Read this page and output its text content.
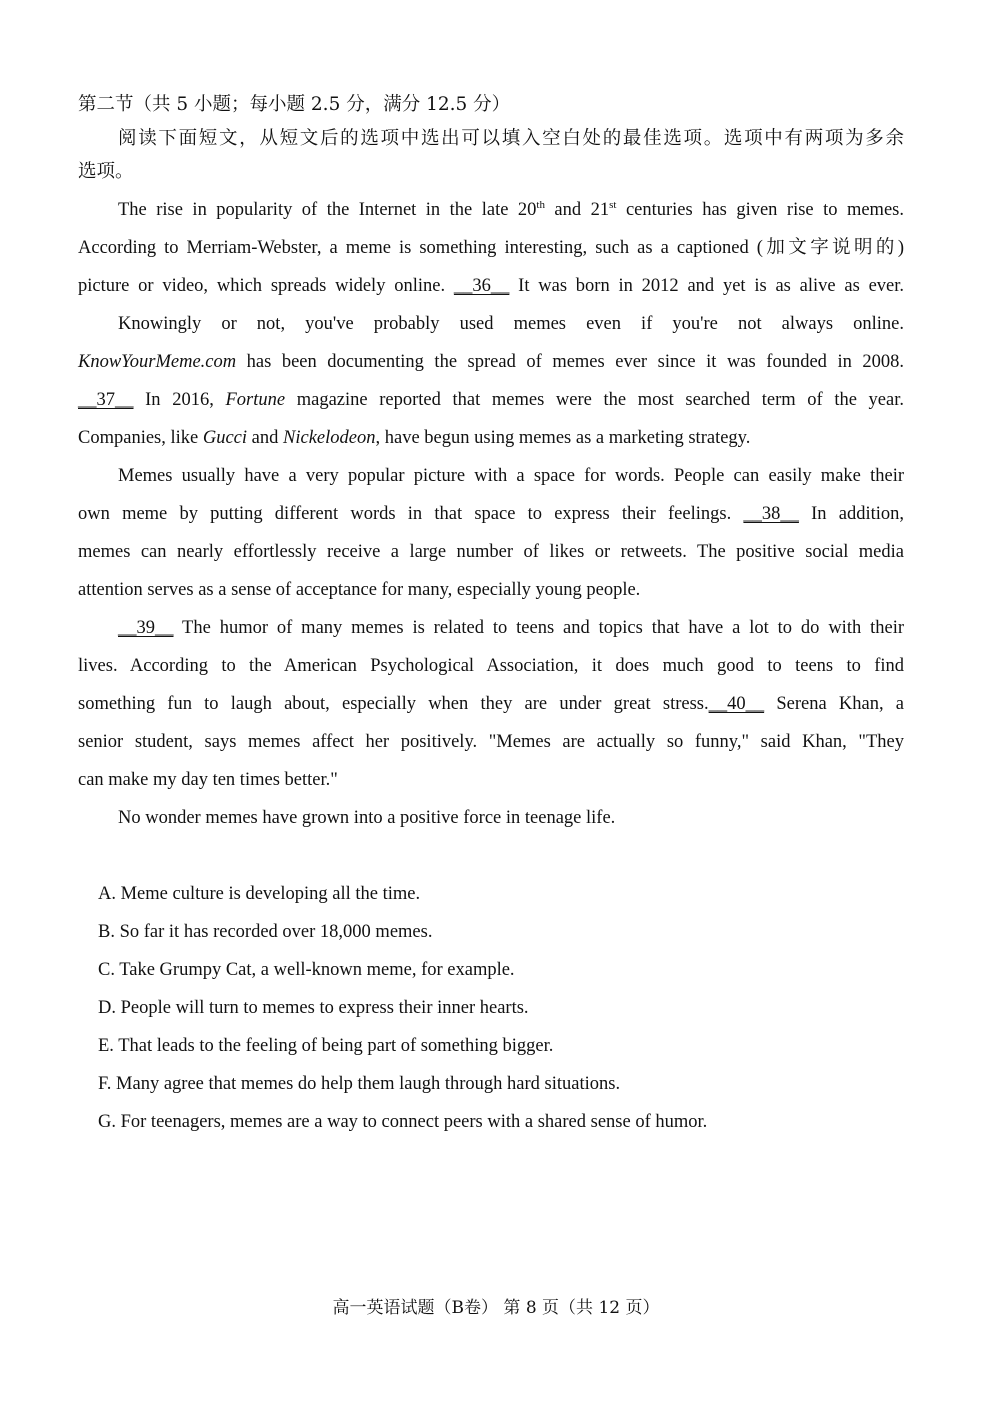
第二节（共 5 小题；每小题 2.5 分，满分 12.5 分）
阅读下面短文，从短文后的选项中选出可以填入空白处的最佳选项。选项中有两项为多余
选项。
The rise in popularity of the Internet in the late 20th and 21st centuries has given rise to memes.
According to Merriam-Webster, a meme is something interesting, such as a captioned (加文字说明的)
picture or video, which spreads widely online. __36__ It was born in 2012 and yet is as alive as ever.
Knowingly or not, you've probably used memes even if you're not always online.
KnowYourMeme.com has been documenting the spread of memes ever since it was founded in 2008.
__37__ In 2016, Fortune magazine reported that memes were the most searched term of the year.
Companies, like Gucci and Nickelodeon, have begun using memes as a marketing strategy.
Memes usually have a very popular picture with a space for words. People can easily make their
own meme by putting different words in that space to express their feelings. __38__ In addition,
memes can nearly effortlessly receive a large number of likes or retweets. The positive social media
attention serves as a sense of acceptance for many, especially young people.
__39__ The humor of many memes is related to teens and topics that have a lot to do with their
lives. According to the American Psychological Association, it does much good to teens to find
something fun to laugh about, especially when they are under great stress.__40__ Serena Khan, a
senior student, says memes affect her positively. "Memes are actually so funny," said Khan, "They
can make my day ten times better."
No wonder memes have grown into a positive force in teenage life.
A. Meme culture is developing all the time.
B. So far it has recorded over 18,000 memes.
C. Take Grumpy Cat, a well-known meme, for example.
D. People will turn to memes to express their inner hearts.
E. That leads to the feeling of being part of something bigger.
F. Many agree that memes do help them laugh through hard situations.
G. For teenagers, memes are a way to connect peers with a shared sense of humor.
高一英语试题（B卷） 第 8 页（共 12 页）
